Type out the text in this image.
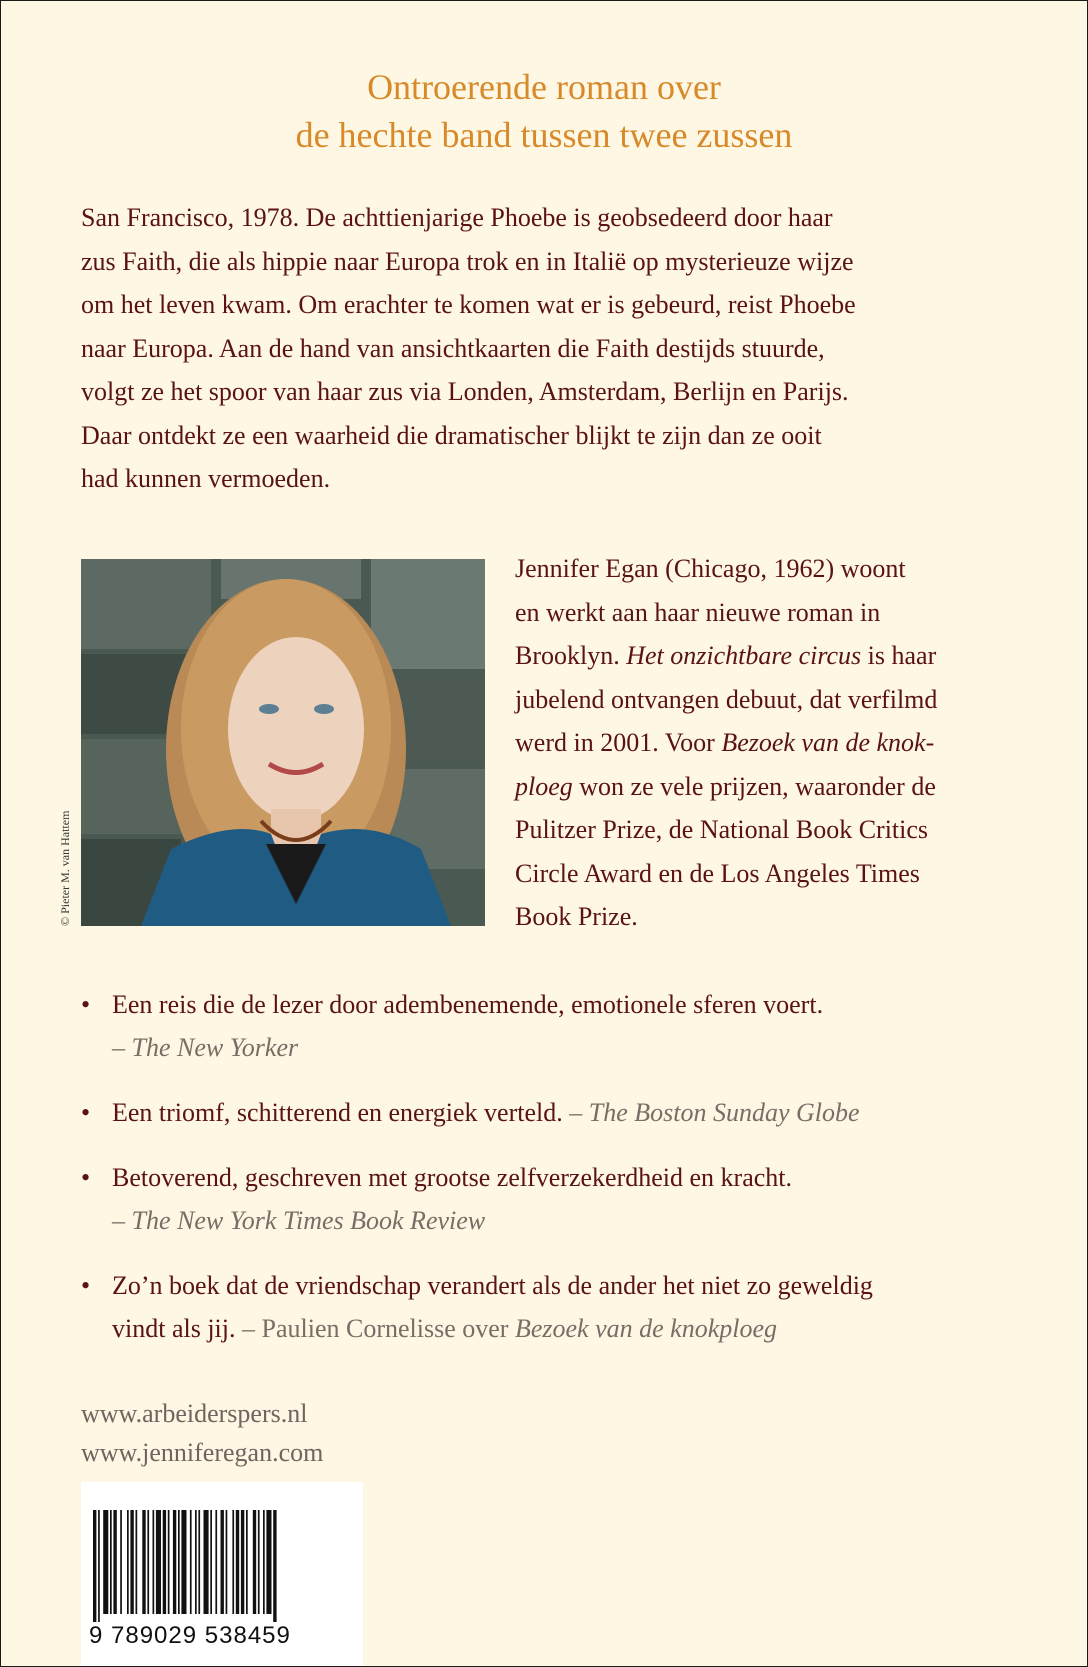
Ontroerende roman over
de hechte band tussen twee zussen
San Francisco, 1978. De achttienjarige Phoebe is geobsedeerd door haar
zus Faith, die als hippie naar Europa trok en in Italië op mysterieuze wijze
om het leven kwam. Om erachter te komen wat er is gebeurd, reist Phoebe
naar Europa. Aan de hand van ansichtkaarten die Faith destijds stuurde,
volgt ze het spoor van haar zus via Londen, Amsterdam, Berlijn en Parijs.
Daar ontdekt ze een waarheid die dramatischer blijkt te zijn dan ze ooit
had kunnen vermoeden.
© Pieter M. van Hattem
Jennifer Egan (Chicago, 1962) woont
en werkt aan haar nieuwe roman in
Brooklyn. Het onzichtbare circus is haar
jubelend ontvangen debuut, dat verfilmd
werd in 2001. Voor Bezoek van de knok-
ploeg won ze vele prijzen, waaronder de
Pulitzer Prize, de National Book Critics
Circle Award en de Los Angeles Times
Book Prize.
• Een reis die de lezer door adembenemende, emotionele sferen voert.
– The New Yorker
• Een triomf, schitterend en energiek verteld. – The Boston Sunday Globe
• Betoverend, geschreven met grootse zelfverzekerdheid en kracht.
– The New York Times Book Review
• Zo’n boek dat de vriendschap verandert als de ander het niet zo geweldig
vindt als jij. – Paulien Cornelisse over Bezoek van de knokploeg
www.arbeiderspers.nl
www.jenniferegan.com
9 789029 538459
